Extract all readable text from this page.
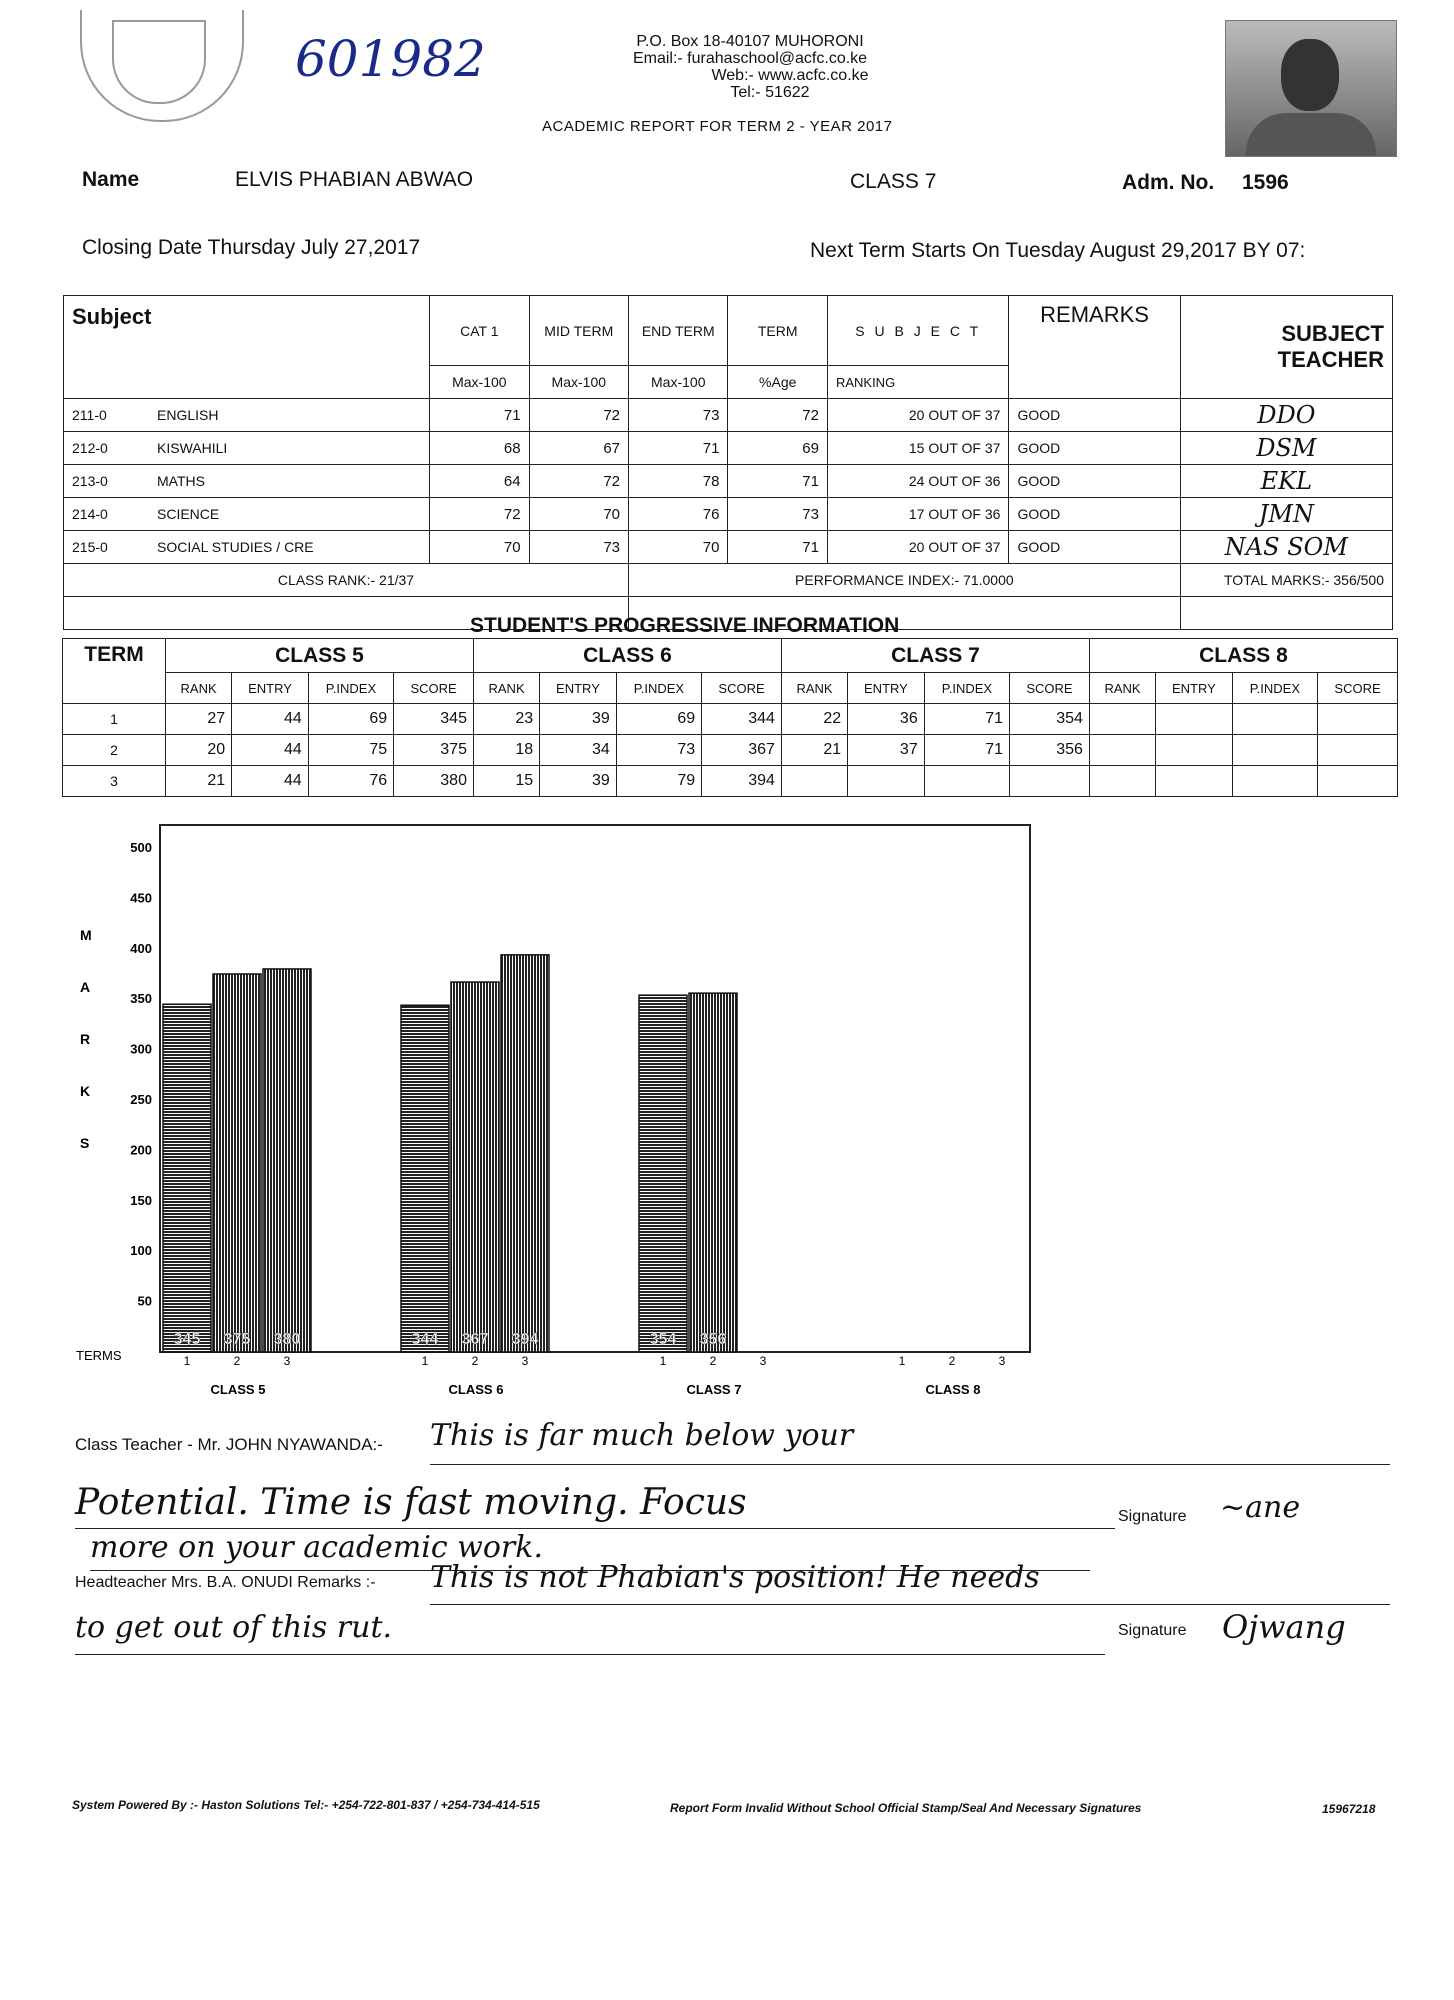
601982	P.O. Box 18-40107 MUHORONI
Email:- furahaschool@acfc.co.ke
Web:- www.acfc.co.ke
Tel:- 51622
ACADEMIC REPORT FOR TERM 2 - YEAR 2017
Name	ELVIS PHABIAN ABWAO	CLASS 7	Adm. No. 1596
Closing Date Thursday July 27,2017	Next Term Starts On Tuesday August 29,2017 BY 07:
Subject	CAT 1	MID TERM	END TERM	TERM	S U B J E C T	REMARKS	SUBJECT TEACHER
	Max-100	Max-100	Max-100	%Age	RANKING		
211-0 ENGLISH	71	72	73	72	20 OUT OF 37	GOOD	DDO
212-0 KISWAHILI	68	67	71	69	15 OUT OF 37	GOOD	DSM
213-0 MATHS	64	72	78	71	24 OUT OF 36	GOOD	EKL
214-0 SCIENCE	72	70	76	73	17 OUT OF 36	GOOD	JMN
215-0 SOCIAL STUDIES / CRE	70	73	70	71	20 OUT OF 37	GOOD	NAS SOM
CLASS RANK:- 21/37			PERFORMANCE INDEX:- 71.0000				TOTAL MARKS:- 356/500

STUDENT'S PROGRESSIVE INFORMATION
TERM	CLASS 5				CLASS 6				CLASS 7				CLASS 8			
	RANK	ENTRY	P.INDEX	SCORE	RANK	ENTRY	P.INDEX	SCORE	RANK	ENTRY	P.INDEX	SCORE	RANK	ENTRY	P.INDEX	SCORE
1	27	44	69	345	23	39	69	344	22	36	71	354				
2	20	44	75	375	18	34	73	367	21	37	71	356				
3	21	44	76	380	15	39	79	394								
50
100
150
200
250
300
350
400
450
500
M
A
R
K
S
TERMS	1
345
2
375
3
380
CLASS 5
1
344
2
367
3
394
CLASS 6
1
354
2
356
3
CLASS 7
1	2	3
CLASS 8
Class Teacher - Mr. JOHN NYAWANDA:- This is far much below your
Potential. Time is fast moving. Focus	Signature ~ane
more on your academic work.
Headteacher Mrs. B.A. ONUDI Remarks :- This is not Phabian's position! He needs
to get out of this rut.	Signature Ojwang
System Powered By :- Haston Solutions Tel:- +254-722-801-837 / +254-734-414-515	Report Form Invalid Without School Official Stamp/Seal And Necessary Signatures	15967218
